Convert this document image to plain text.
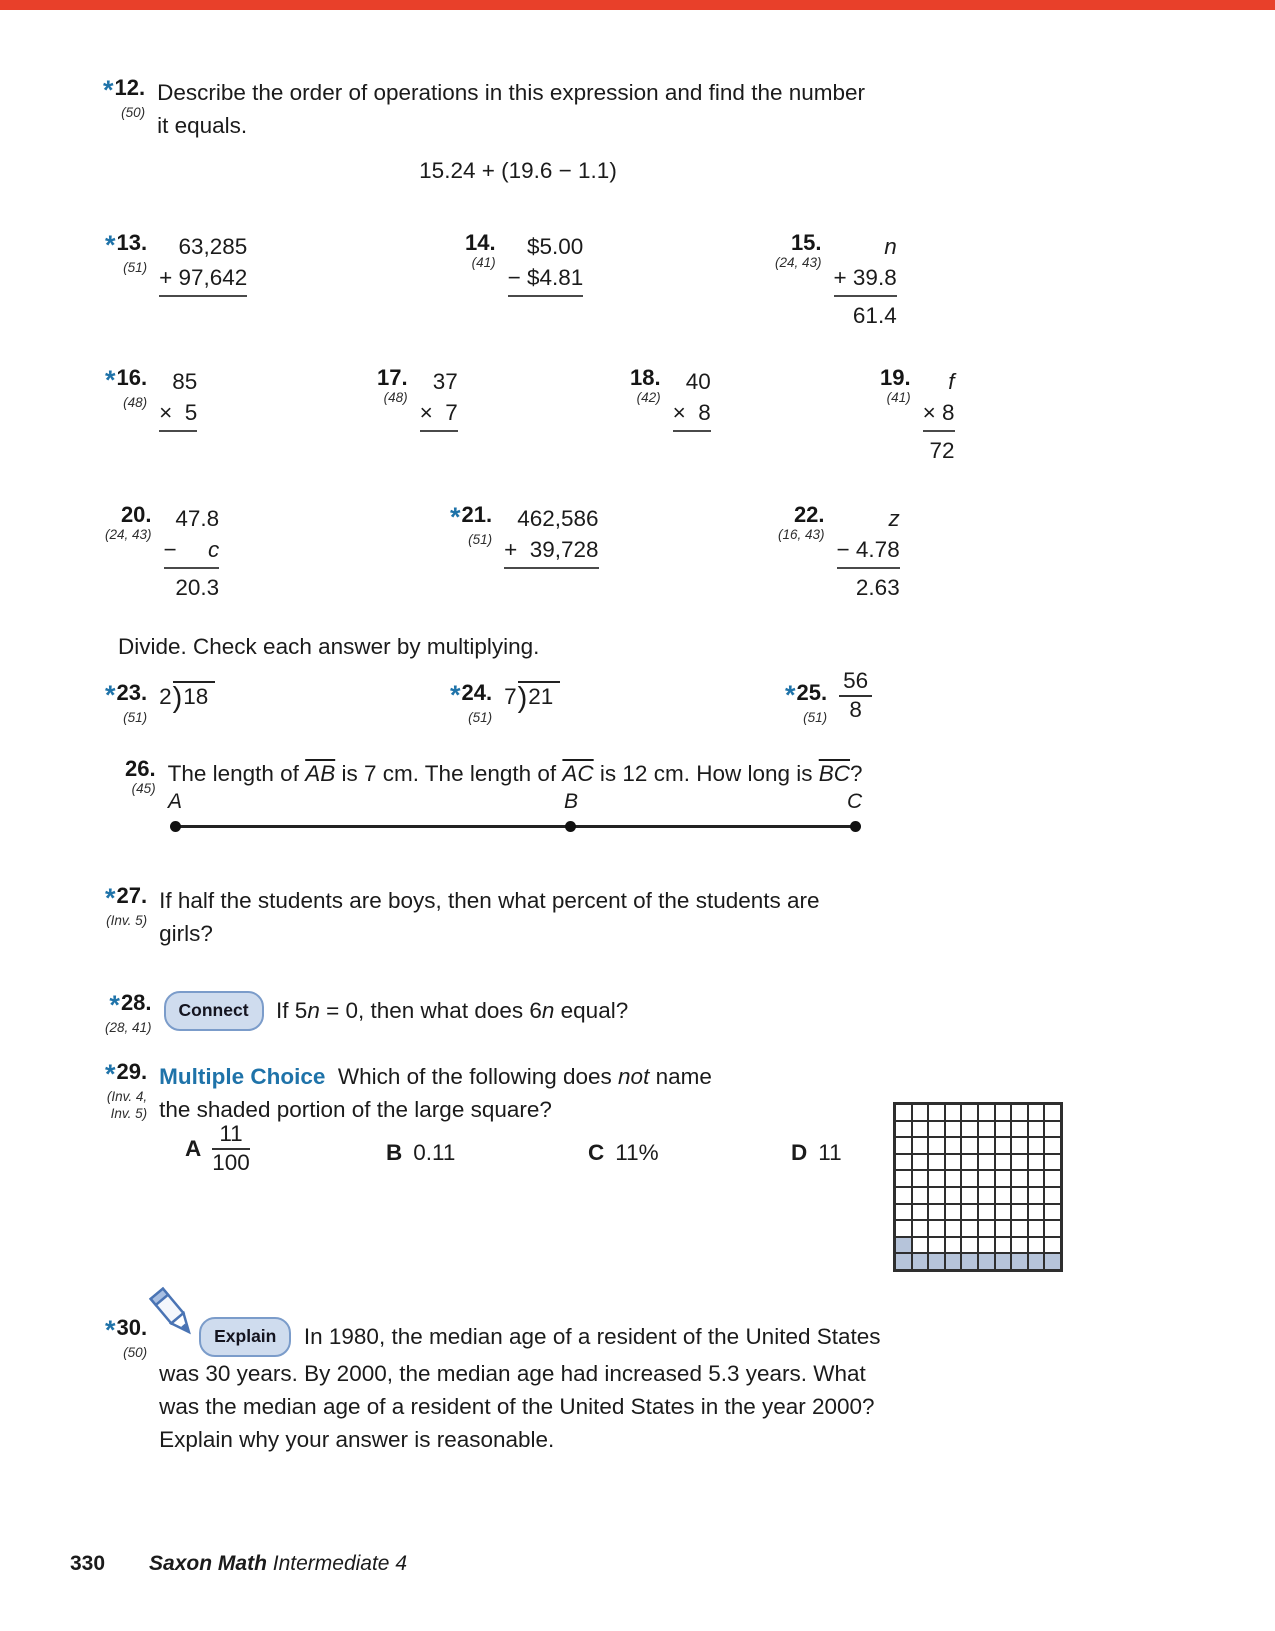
*12.
(50)
Describe the order of operations in this expression and find the number
it equals.
15.24 + (19.6 − 1.1)
*13.
(51)
63,285
+ 97,642
14.
(41)
$5.00
− $4.81
15.
(24, 43)
n
+ 39.8
61.4
*16.
(48)
85
×  5
17.
(48)
37
×  7
18.
(42)
40
×  8
19.
(41)
f
× 8
72
20.
(24, 43)
47.8
−     c
20.3
*21.
(51)
462,586
+  39,728
22.
(16, 43)
z
− 4.78
2.63
Divide. Check each answer by multiplying.
*23.
(51)
2 ) 18	*24.
(51)
7 ) 21	*25.
$(51) \frac{56}{8}$
26.
(45)
The length of $\overline{AB}$ is 7 cm. The length of $\overline{AC}$ is 12 cm. How long is $\overline{BC}$?
A	B	C
*27.
(Inv. 5)
If half the students are boys, then what percent of the students are
girls?
*28.
(28, 41)
Connect If 5n = 0, then what does 6n equal?
*29.
(Inv. 4,
Inv. 5)
Multiple Choice Which of the following does not name
the shaded portion of the large square?
A $\frac{11}{100}$	B 0.11	C 11%	D 11
*30.
(50)
Explain In 1980, the median age of a resident of the United States
was 30 years. By 2000, the median age had increased 5.3 years. What
was the median age of a resident of the United States in the year 2000?
Explain why your answer is reasonable.
330 Saxon Math Intermediate 4
